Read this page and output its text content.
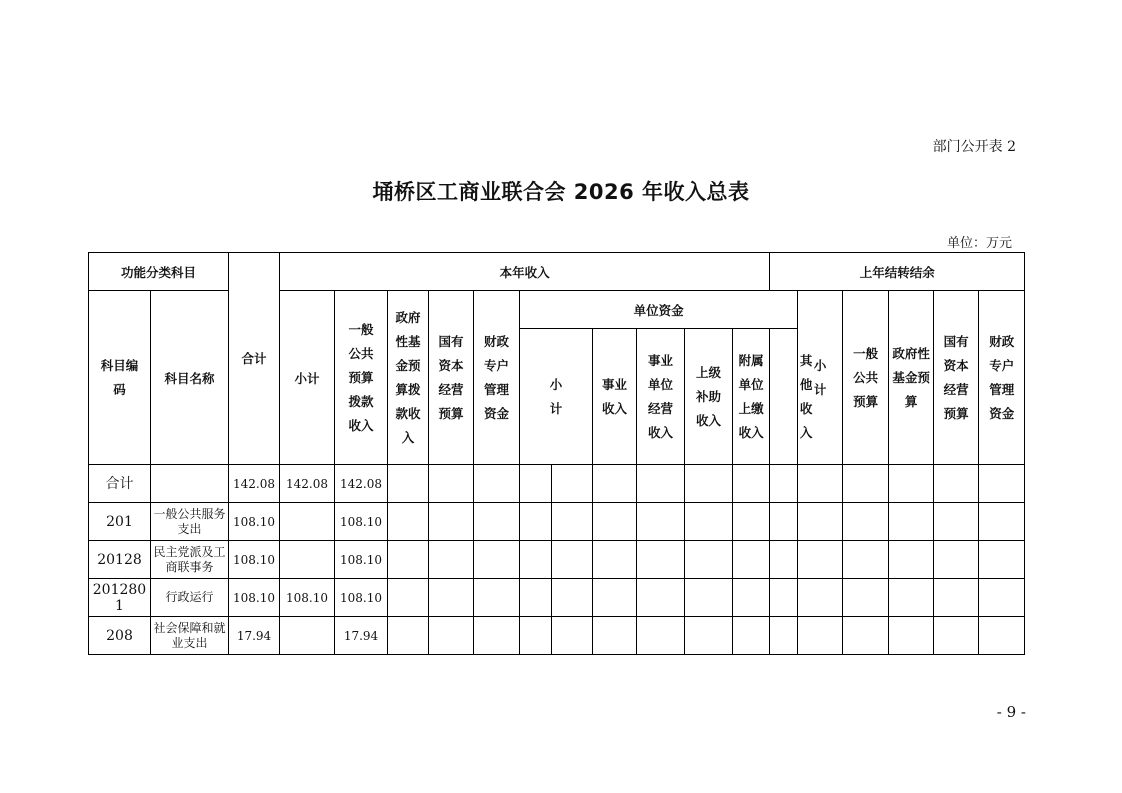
部门公开表 2
埇桥区工商业联合会 2026 年收入总表
单位：万元
功能分类科目		合计	本年收入											上年结转结余						
科目编码	科目名称		小计	一般公共预算拨款收入	政府性基金预算拨款收入	国有资本经营预算	财政专户管理资金	单位资金							小计	一般公共预算	政府性基金预算	国有资本经营预算	财政专户管理资金	
								小计		事业收入	事业单位经营收入	上级补助收入	附属单位上缴收入	其他收入						
合计		142.08	142.08	142.08																
201	一般公共服务支出	108.10		108.10																
20128	民主党派及工商联事务	108.10		108.10																
2012801	行政运行	108.10	108.10	108.10																
208	社会保障和就业支出	17.94		17.94																
- 9 -
